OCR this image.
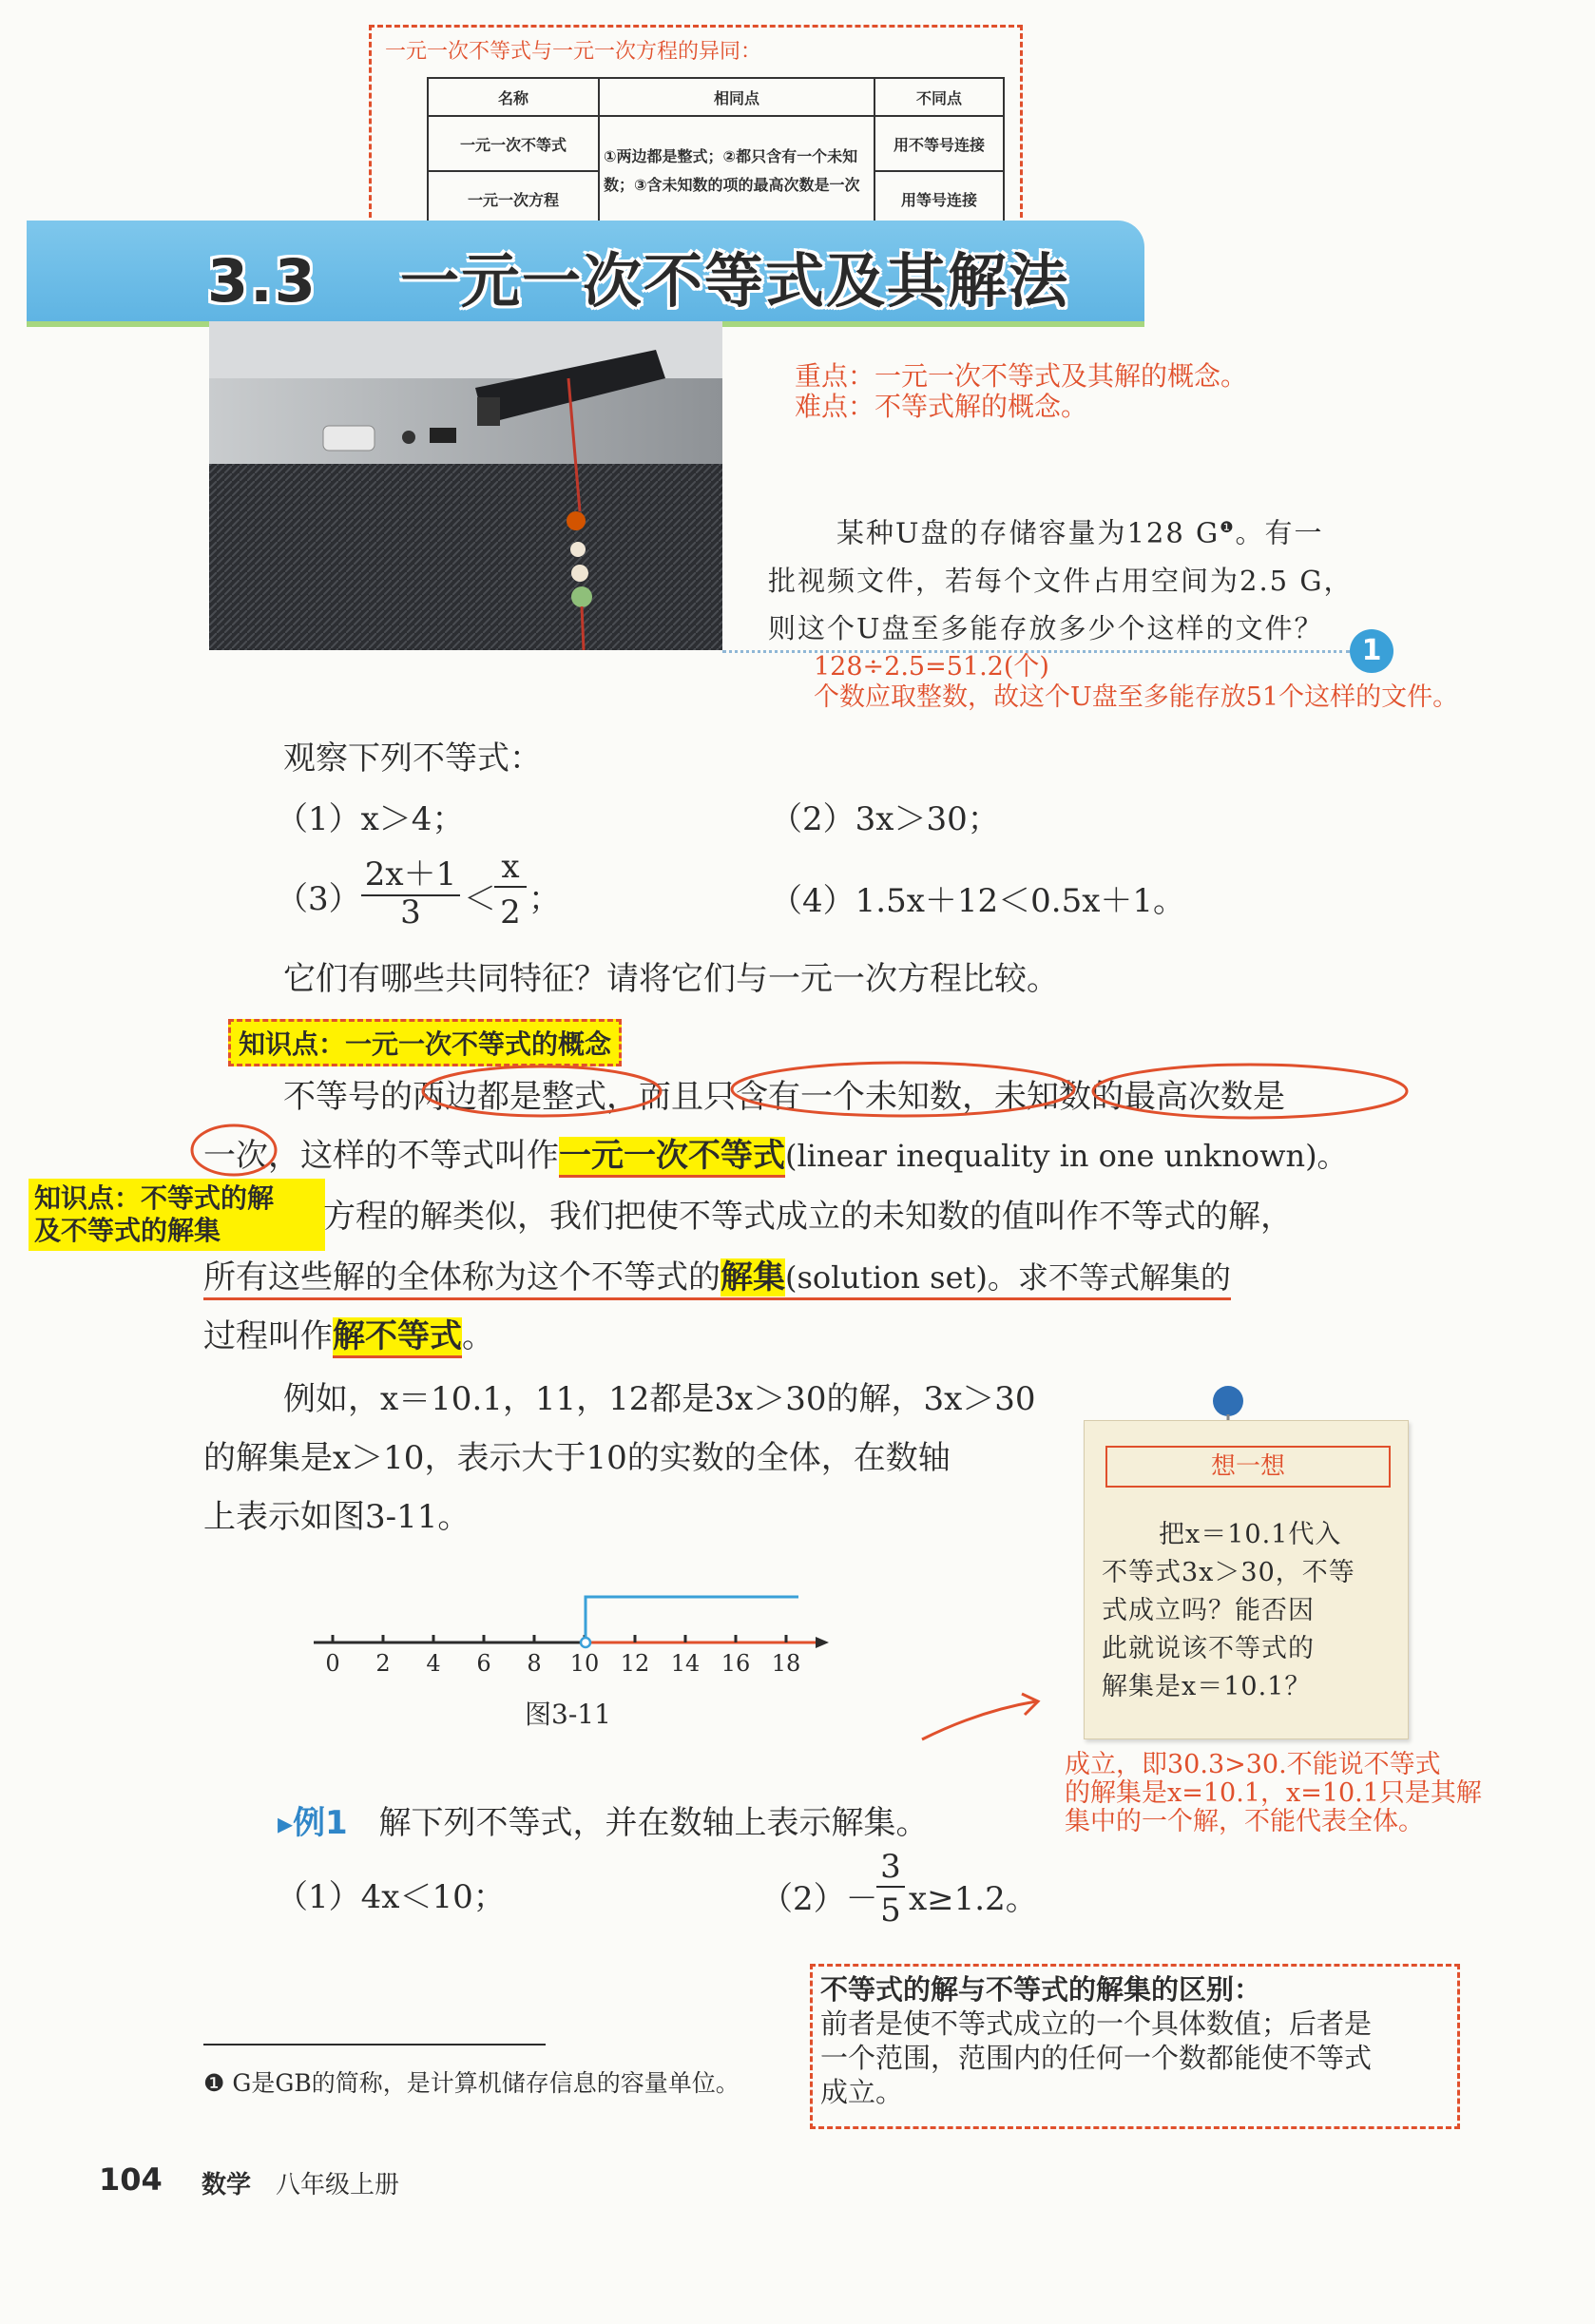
一元一次不等式与一元一次方程的异同：
名称	相同点	不同点
一元一次不等式	①两边都是整式；②都只含有一个未知数；③含未知数的项的最高次数是一次	用不等号连接
一元一次方程		用等号连接
3.3 一元一次不等式及其解法
重点：一元一次不等式及其解的概念。
难点：不等式解的概念。
某种U盘的存储容量为128 $G^❶$。有一
批视频文件，若每个文件占用空间为2.5 G，
则这个U盘至多能存放多少个这样的文件？
1
128÷2.5=51.2(个)
个数应取整数，故这个U盘至多能存放51个这样的文件。
观察下列不等式：
（1）x＞4；	（2）3x＞30；
（3）
2x＋1
3	＜
x
2 ；	（4）1.5x＋12＜0.5x＋1。
它们有哪些共同特征？请将它们与一元一次方程比较。
知识点：一元一次不等式的概念
不等号的两边都是整式，而且只含有一个未知数，未知数的最高次数是
一次，这样的不等式叫作一元一次不等式(linear inequality in one unknown)。
知识点：不等式的解
及不等式的解集	方程的解类似，我们把使不等式成立的未知数的值叫作不等式的解，
所有这些解的全体称为这个不等式的解集(solution set)。求不等式解集的
过程叫作解不等式。
例如，x＝10.1，11，12都是3x＞30的解，3x＞30
的解集是x＞10，表示大于10的实数的全体，在数轴
上表示如图3-11。
0 2 4 6 8 10 12 14 16 18
图3-11
想一想
把x＝10.1代入
不等式3x＞30，不等
式成立吗？能否因
此就说该不等式的
解集是x＝10.1？
成立，即30.3>30.不能说不等式
的解集是x=10.1，x=10.1只是其解
集中的一个解，不能代表全体。
▸例1 解下列不等式，并在数轴上表示解集。
（1）4x＜10；	（2）－
3
5 x≥1.2。
不等式的解与不等式的解集的区别：
前者是使不等式成立的一个具体数值；后者是
一个范围，范围内的任何一个数都能使不等式
成立。
❶ G是GB的简称，是计算机储存信息的容量单位。
104 数学 八年级上册
